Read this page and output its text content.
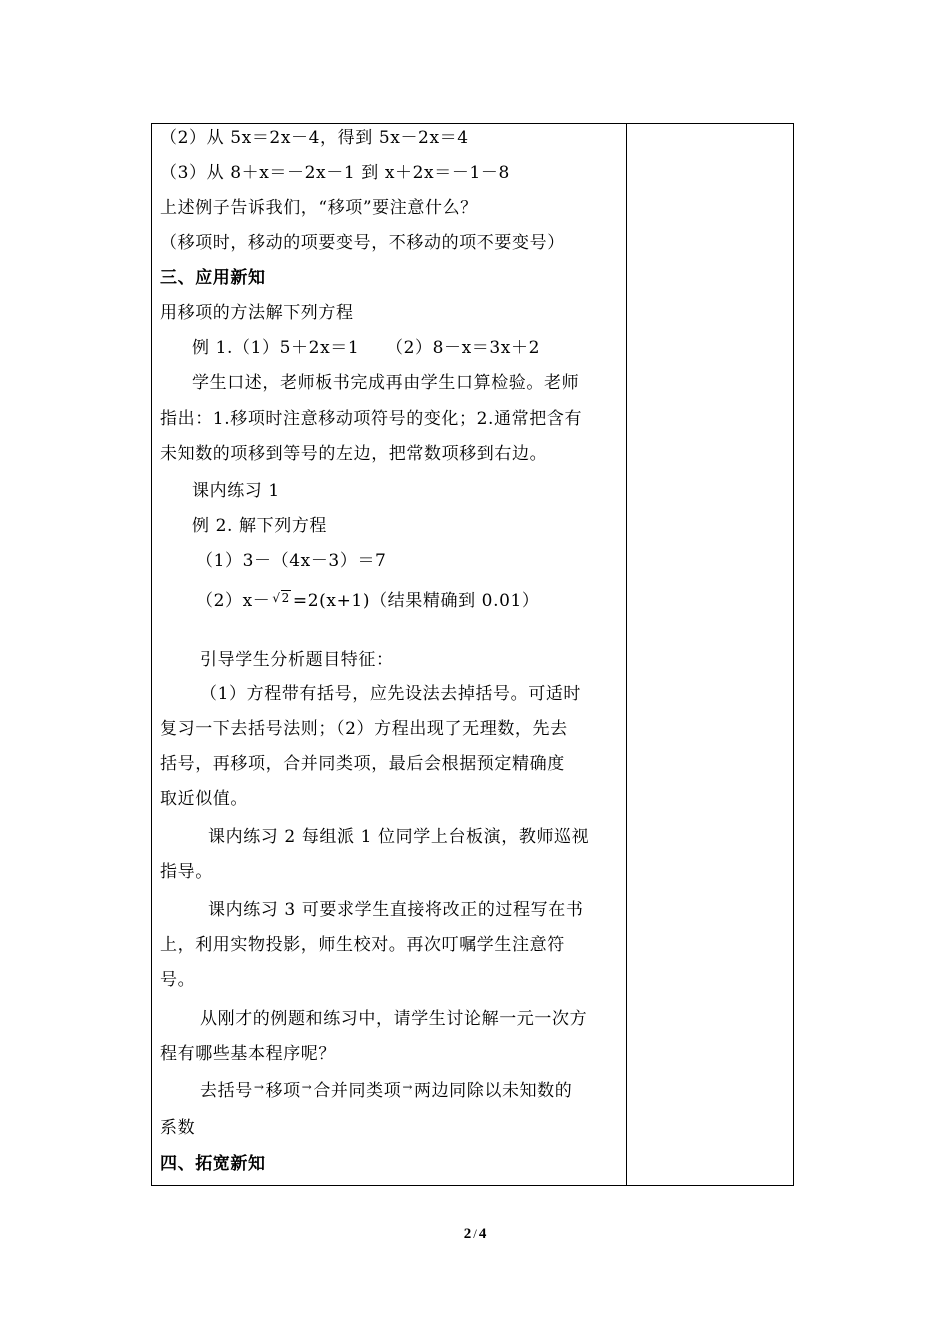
（2）从 5x＝2x－4，得到 5x－2x＝4
（3）从 8＋x＝－2x－1 到 x＋2x＝－1－8
上述例子告诉我们，“移项”要注意什么？
（移项时，移动的项要变号，不移动的项不要变号）
三、应用新知
用移项的方法解下列方程
例 1.（1）5＋2x＝1　　（2）8－x＝3x＋2
学生口述，老师板书完成再由学生口算检验。老师
指出：1.移项时注意移动项符号的变化；2.通常把含有
未知数的项移到等号的左边，把常数项移到右边。
课内练习 1
例 2. 解下列方程
（1）3－（4x－3）＝7
（2）x－ √2 =2(x+1)（结果精确到 0.01）
引导学生分析题目特征：
（1）方程带有括号，应先设法去掉括号。可适时
复习一下去括号法则；（2）方程出现了无理数，先去
括号，再移项，合并同类项，最后会根据预定精确度
取近似值。
课内练习 2 每组派 1 位同学上台板演，教师巡视
指导。
课内练习 3 可要求学生直接将改正的过程写在书
上，利用实物投影，师生校对。再次叮嘱学生注意符
号。
从刚才的例题和练习中，请学生讨论解一元一次方
程有哪些基本程序呢？
去括号→移项→合并同类项→两边同除以未知数的
系数
四、拓宽新知
2 / 4
